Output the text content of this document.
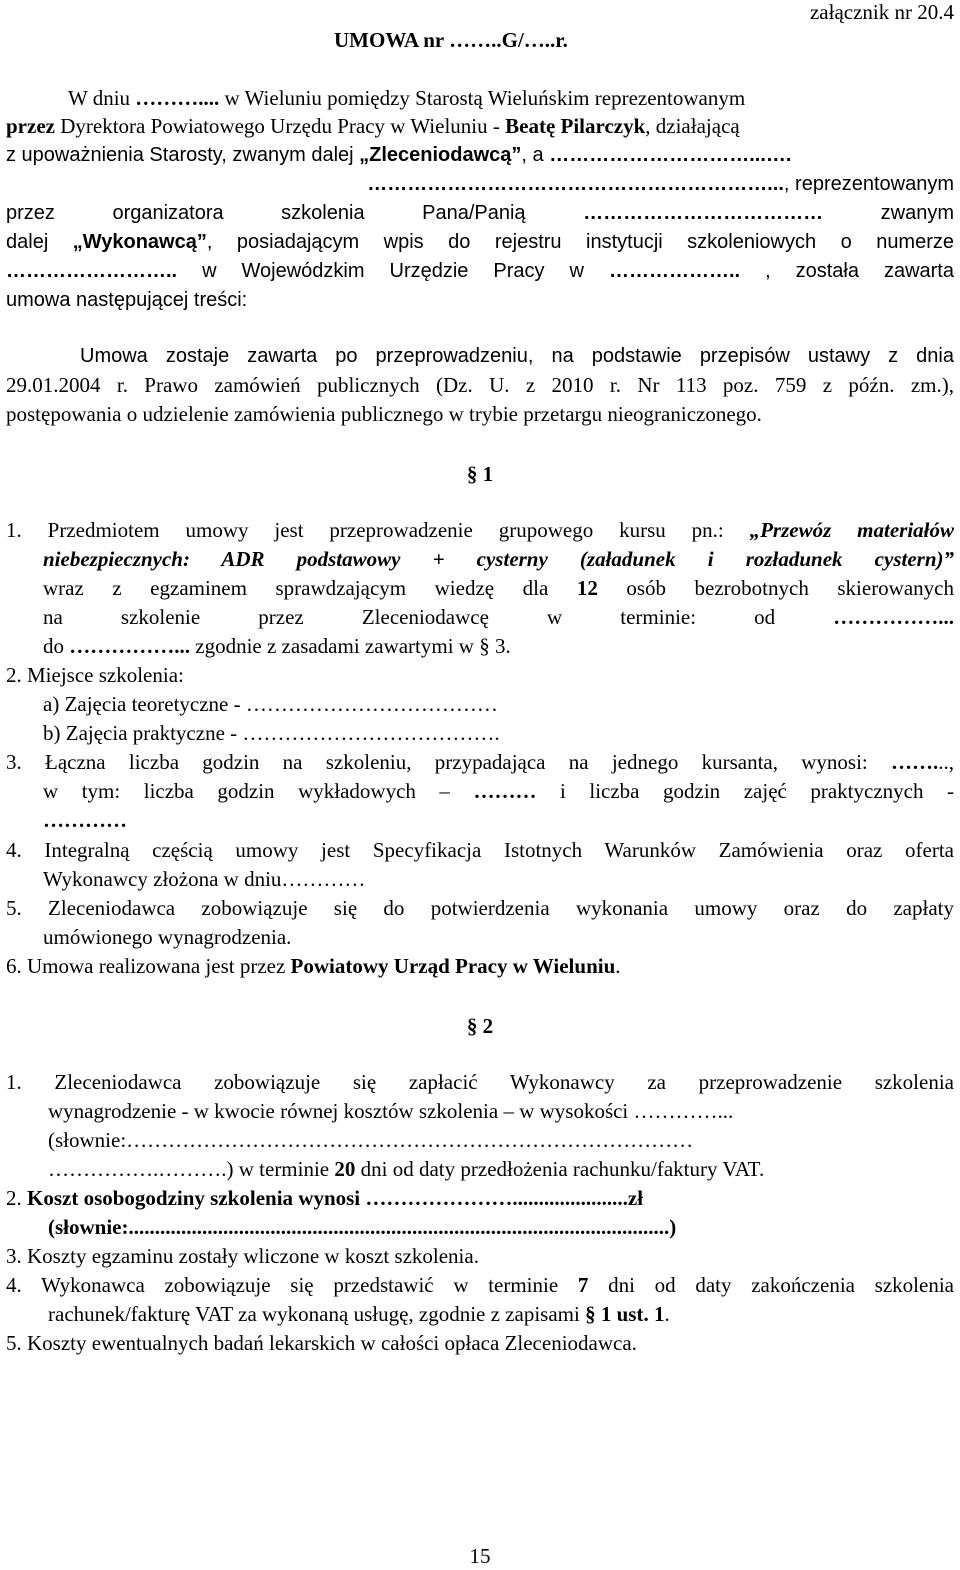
UMOWA nr ……..G/…..r.
załącznik nr 20.4
W dniu ……….... w Wieluniu pomiędzy Starostą Wieluńskim reprezentowanym
przez Dyrektora Powiatowego Urzędu Pracy w Wieluniu - Beatę Pilarczyk, działającą
z upoważnienia Starosty, zwanym dalej „Zleceniodawcą”, a …………………………...….
……………………………………………………..., reprezentowanym
przez organizatora szkolenia Pana/Panią ………………………………	zwanym
dalej „Wykonawcą”, posiadającym wpis do rejestru instytucji szkoleniowych o numerze
…………………….. w Wojewódzkim Urzędzie Pracy w ……………….. , została zawarta
umowa następującej treści:
Umowa zostaje zawarta po przeprowadzeniu, na podstawie przepisów ustawy z dnia
29.01.2004 r. Prawo zamówień publicznych (Dz. U. z 2010 r. Nr 113 poz. 759 z późn. zm.),
postępowania o udzielenie zamówienia publicznego w trybie przetargu nieograniczonego.
§ 1
1. Przedmiotem umowy jest przeprowadzenie grupowego kursu pn.: „Przewóz materiałów
niebezpiecznych: ADR podstawowy + cysterny (załadunek i rozładunek cystern)”
wraz z egzaminem sprawdzającym wiedzę dla 12 osób bezrobotnych skierowanych
na szkolenie przez Zleceniodawcę w terminie: od ……………...
do ……………... zgodnie z zasadami zawartymi w § 3.
2. Miejsce szkolenia:
a) Zajęcia teoretyczne - ………………………………
b) Zajęcia praktyczne - ……………………………….
3. Łączna liczba godzin na szkoleniu, przypadająca na jednego kursanta, wynosi: ……...,
w tym: liczba godzin wykładowych – ……… i liczba godzin zajęć praktycznych -
…………
4. Integralną częścią umowy jest Specyfikacja Istotnych Warunków Zamówienia oraz oferta
Wykonawcy złożona w dniu…………
5. Zleceniodawca zobowiązuje się do potwierdzenia wykonania umowy oraz do zapłaty
umówionego wynagrodzenia.
6. Umowa realizowana jest przez Powiatowy Urząd Pracy w Wieluniu.
§ 2
1. Zleceniodawca zobowiązuje się zapłacić Wykonawcy za przeprowadzenie szkolenia
wynagrodzenie - w kwocie równej kosztów szkolenia – w wysokości …………...
(słownie:………………………………………………………………………
…………….……….) w terminie 20 dni od daty przedłożenia rachunku/faktury VAT.
2. Koszt osobogodziny szkolenia wynosi …………………......................zł
(słownie:.......................................................................................................)
3. Koszty egzaminu zostały wliczone w koszt szkolenia.
4. Wykonawca zobowiązuje się przedstawić w terminie 7 dni od daty zakończenia szkolenia
rachunek/fakturę VAT za wykonaną usługę, zgodnie z zapisami § 1 ust. 1.
5. Koszty ewentualnych badań lekarskich w całości opłaca Zleceniodawca.
15
